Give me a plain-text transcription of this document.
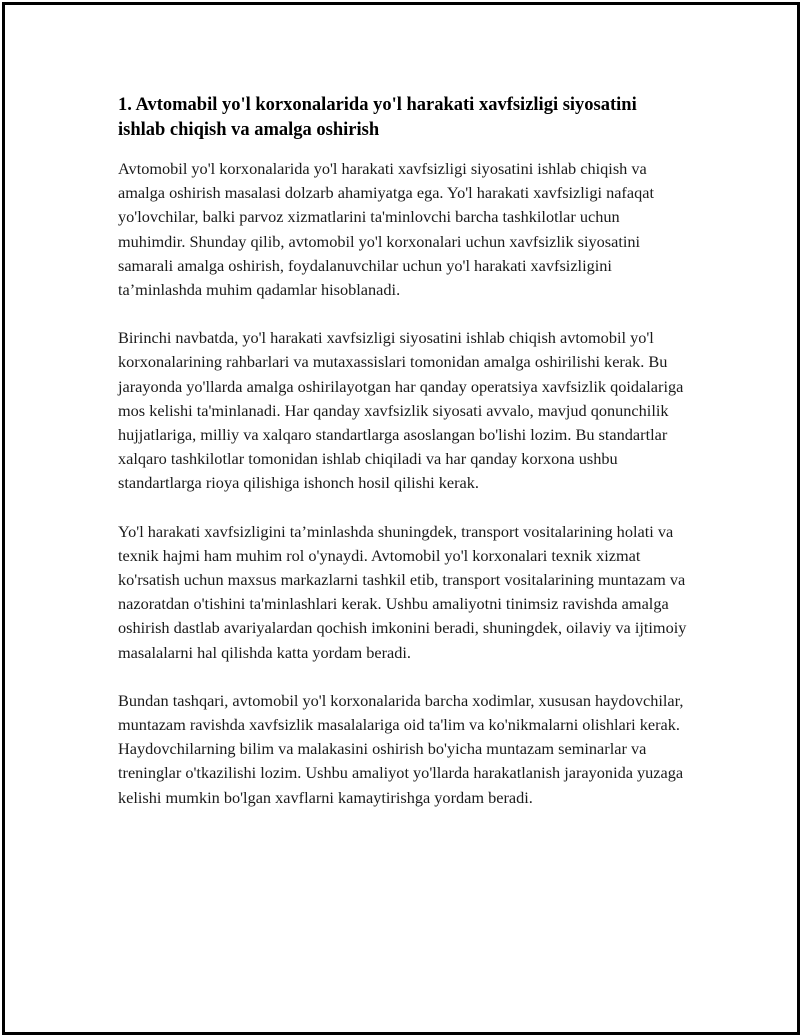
1. Avtomabil yo'l korxonalarida yo'l harakati xavfsizligi siyosatini ishlab chiqish va amalga oshirish

Avtomobil yo'l korxonalarida yo'l harakati xavfsizligi siyosatini ishlab chiqish va amalga oshirish masalasi dolzarb ahamiyatga ega. Yo'l harakati xavfsizligi nafaqat yo'lovchilar, balki parvoz xizmatlarini ta'minlovchi barcha tashkilotlar uchun muhimdir. Shunday qilib, avtomobil yo'l korxonalari uchun xavfsizlik siyosatini samarali amalga oshirish, foydalanuvchilar uchun yo'l harakati xavfsizligini ta’minlashda muhim qadamlar hisoblanadi.

Birinchi navbatda, yo'l harakati xavfsizligi siyosatini ishlab chiqish avtomobil yo'l korxonalarining rahbarlari va mutaxassislari tomonidan amalga oshirilishi kerak. Bu jarayonda yo'llarda amalga oshirilayotgan har qanday operatsiya xavfsizlik qoidalariga mos kelishi ta'minlanadi. Har qanday xavfsizlik siyosati avvalo, mavjud qonunchilik hujjatlariga, milliy va xalqaro standartlarga asoslangan bo'lishi lozim. Bu standartlar xalqaro tashkilotlar tomonidan ishlab chiqiladi va har qanday korxona ushbu standartlarga rioya qilishiga ishonch hosil qilishi kerak.

Yo'l harakati xavfsizligini ta’minlashda shuningdek, transport vositalarining holati va texnik hajmi ham muhim rol o'ynaydi. Avtomobil yo'l korxonalari texnik xizmat ko'rsatish uchun maxsus markazlarni tashkil etib, transport vositalarining muntazam va nazoratdan o'tishini ta'minlashlari kerak. Ushbu amaliyotni tinimsiz ravishda amalga oshirish dastlab avariyalardan qochish imkonini beradi, shuningdek, oilaviy va ijtimoiy masalalarni hal qilishda katta yordam beradi.

Bundan tashqari, avtomobil yo'l korxonalarida barcha xodimlar, xususan haydovchilar, muntazam ravishda xavfsizlik masalalariga oid ta'lim va ko'nikmalarni olishlari kerak. Haydovchilarning bilim va malakasini oshirish bo'yicha muntazam seminarlar va treninglar o'tkazilishi lozim. Ushbu amaliyot yo'llarda harakatlanish jarayonida yuzaga kelishi mumkin bo'lgan xavflarni kamaytirishga yordam beradi.
